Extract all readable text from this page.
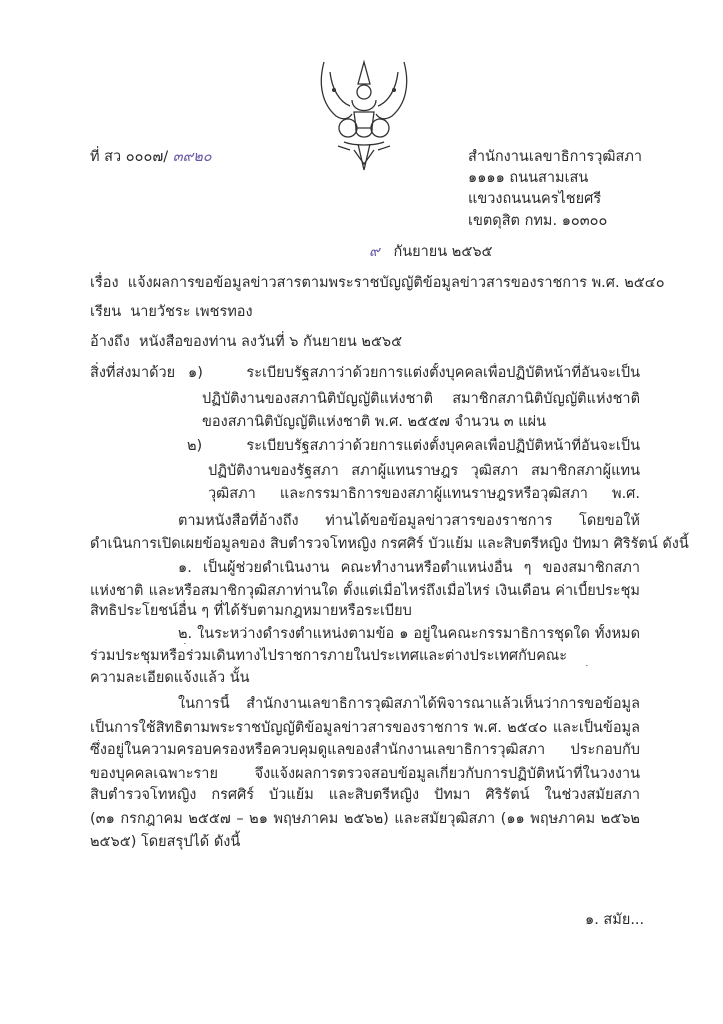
ที่ สว ๐๐๐๗/ ๓๙๒๐	สำนักงานเลขาธิการวุฒิสภา
๑๑๑๑ ถนนสามเสน
แขวงถนนนครไชยศรี
เขตดุสิต กทม. ๑๐๓๐๐
๙ กันยายน ๒๕๖๕
เรื่อง แจ้งผลการขอข้อมูลข่าวสารตามพระราชบัญญัติข้อมูลข่าวสารของราชการ พ.ศ. ๒๕๔๐
เรียน นายวัชระ เพชรทอง
อ้างถึง หนังสือของท่าน ลงวันที่ ๖ กันยายน ๒๕๖๕
สิ่งที่ส่งมาด้วย ๑) ระเบียบรัฐสภาว่าด้วยการแต่งตั้งบุคคลเพื่อปฏิบัติหน้าที่อันจะเป็น
ปฏิบัติงานของสภานิติบัญญัติแห่งชาติ สมาชิกสภานิติบัญญัติแห่งชาติ
ของสภานิติบัญญัติแห่งชาติ พ.ศ. ๒๕๕๗ จำนวน ๓ แผ่น
๒) ระเบียบรัฐสภาว่าด้วยการแต่งตั้งบุคคลเพื่อปฏิบัติหน้าที่อันจะเป็น
ปฏิบัติงานของรัฐสภา สภาผู้แทนราษฎร วุฒิสภา สมาชิกสภาผู้แทน
วุฒิสภา และกรรมาธิการของสภาผู้แทนราษฎรหรือวุฒิสภา พ.ศ.
ตามหนังสือที่อ้างถึง ท่านได้ขอข้อมูลข่าวสารของราชการ โดยขอให้
ดำเนินการเปิดเผยข้อมูลของ สิบตำรวจโทหญิง กรศศิร์ บัวแย้ม และสิบตรีหญิง ปัทมา ศิริรัตน์ ดังนี้
๑. เป็นผู้ช่วยดำเนินงาน คณะทำงานหรือตำแหน่งอื่น ๆ ของสมาชิกสภา
แห่งชาติ และหรือสมาชิกวุฒิสภาท่านใด ตั้งแต่เมื่อไหร่ถึงเมื่อไหร่ เงินเดือน ค่าเบี้ยประชุม
สิทธิประโยชน์อื่น ๆ ที่ได้รับตามกฎหมายหรือระเบียบ
๒. ในระหว่างดำรงตำแหน่งตามข้อ ๑ อยู่ในคณะกรรมาธิการชุดใด ทั้งหมด
ร่วมประชุมหรือร่วมเดินทางไปราชการภายในประเทศและต่างประเทศกับคณะ
ความละเอียดแจ้งแล้ว นั้น
ในการนี้ สำนักงานเลขาธิการวุฒิสภาได้พิจารณาแล้วเห็นว่าการขอข้อมูล
เป็นการใช้สิทธิตามพระราชบัญญัติข้อมูลข่าวสารของราชการ พ.ศ. ๒๕๔๐ และเป็นข้อมูล
ซึ่งอยู่ในความครอบครองหรือควบคุมดูแลของสำนักงานเลขาธิการวุฒิสภา ประกอบกับ
ของบุคคลเฉพาะราย จึงแจ้งผลการตรวจสอบข้อมูลเกี่ยวกับการปฏิบัติหน้าที่ในวงงาน
สิบตำรวจโทหญิง กรศศิร์ บัวแย้ม และสิบตรีหญิง ปัทมา ศิริรัตน์ ในช่วงสมัยสภา
(๓๑ กรกฎาคม ๒๕๕๗ – ๒๑ พฤษภาคม ๒๕๖๒) และสมัยวุฒิสภา (๑๑ พฤษภาคม ๒๕๖๒
๒๕๖๕) โดยสรุปได้ ดังนี้
๑. สมัย...
